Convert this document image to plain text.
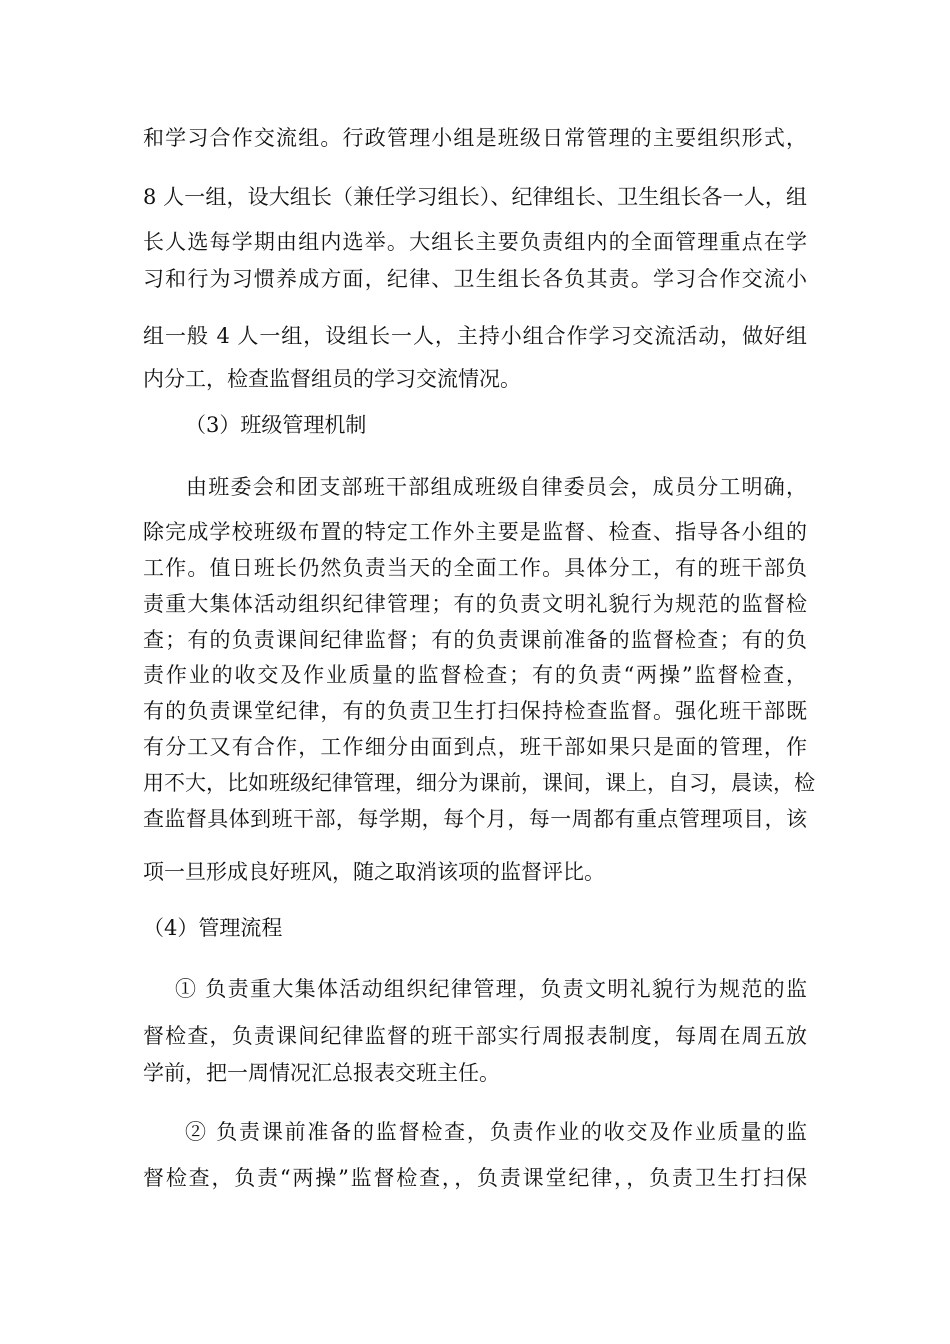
和学习合作交流组。行政管理小组是班级日常管理的主要组织形式，
8 人一组，设大组长（兼任学习组长）、纪律组长、卫生组长各一人，组
长人选每学期由组内选举。大组长主要负责组内的全面管理重点在学
习和行为习惯养成方面，纪律、卫生组长各负其责。学习合作交流小
组一般 4 人一组，设组长一人，主持小组合作学习交流活动，做好组
内分工，检查监督组员的学习交流情况。
（3）班级管理机制
由班委会和团支部班干部组成班级自律委员会，成员分工明确，
除完成学校班级布置的特定工作外主要是监督、检查、指导各小组的
工作。值日班长仍然负责当天的全面工作。具体分工，有的班干部负
责重大集体活动组织纪律管理；有的负责文明礼貌行为规范的监督检
查；有的负责课间纪律监督；有的负责课前准备的监督检查；有的负
责作业的收交及作业质量的监督检查；有的负责“两操”监督检查，
有的负责课堂纪律，有的负责卫生打扫保持检查监督。强化班干部既
有分工又有合作，工作细分由面到点，班干部如果只是面的管理，作
用不大，比如班级纪律管理，细分为课前，课间，课上，自习，晨读，检
查监督具体到班干部，每学期，每个月，每一周都有重点管理项目，该
项一旦形成良好班风，随之取消该项的监督评比。
（4）管理流程
① 负责重大集体活动组织纪律管理，负责文明礼貌行为规范的监
督检查，负责课间纪律监督的班干部实行周报表制度，每周在周五放
学前，把一周情况汇总报表交班主任。
② 负责课前准备的监督检查，负责作业的收交及作业质量的监
督检查，负责“两操”监督检查，，负责课堂纪律，，负责卫生打扫保
